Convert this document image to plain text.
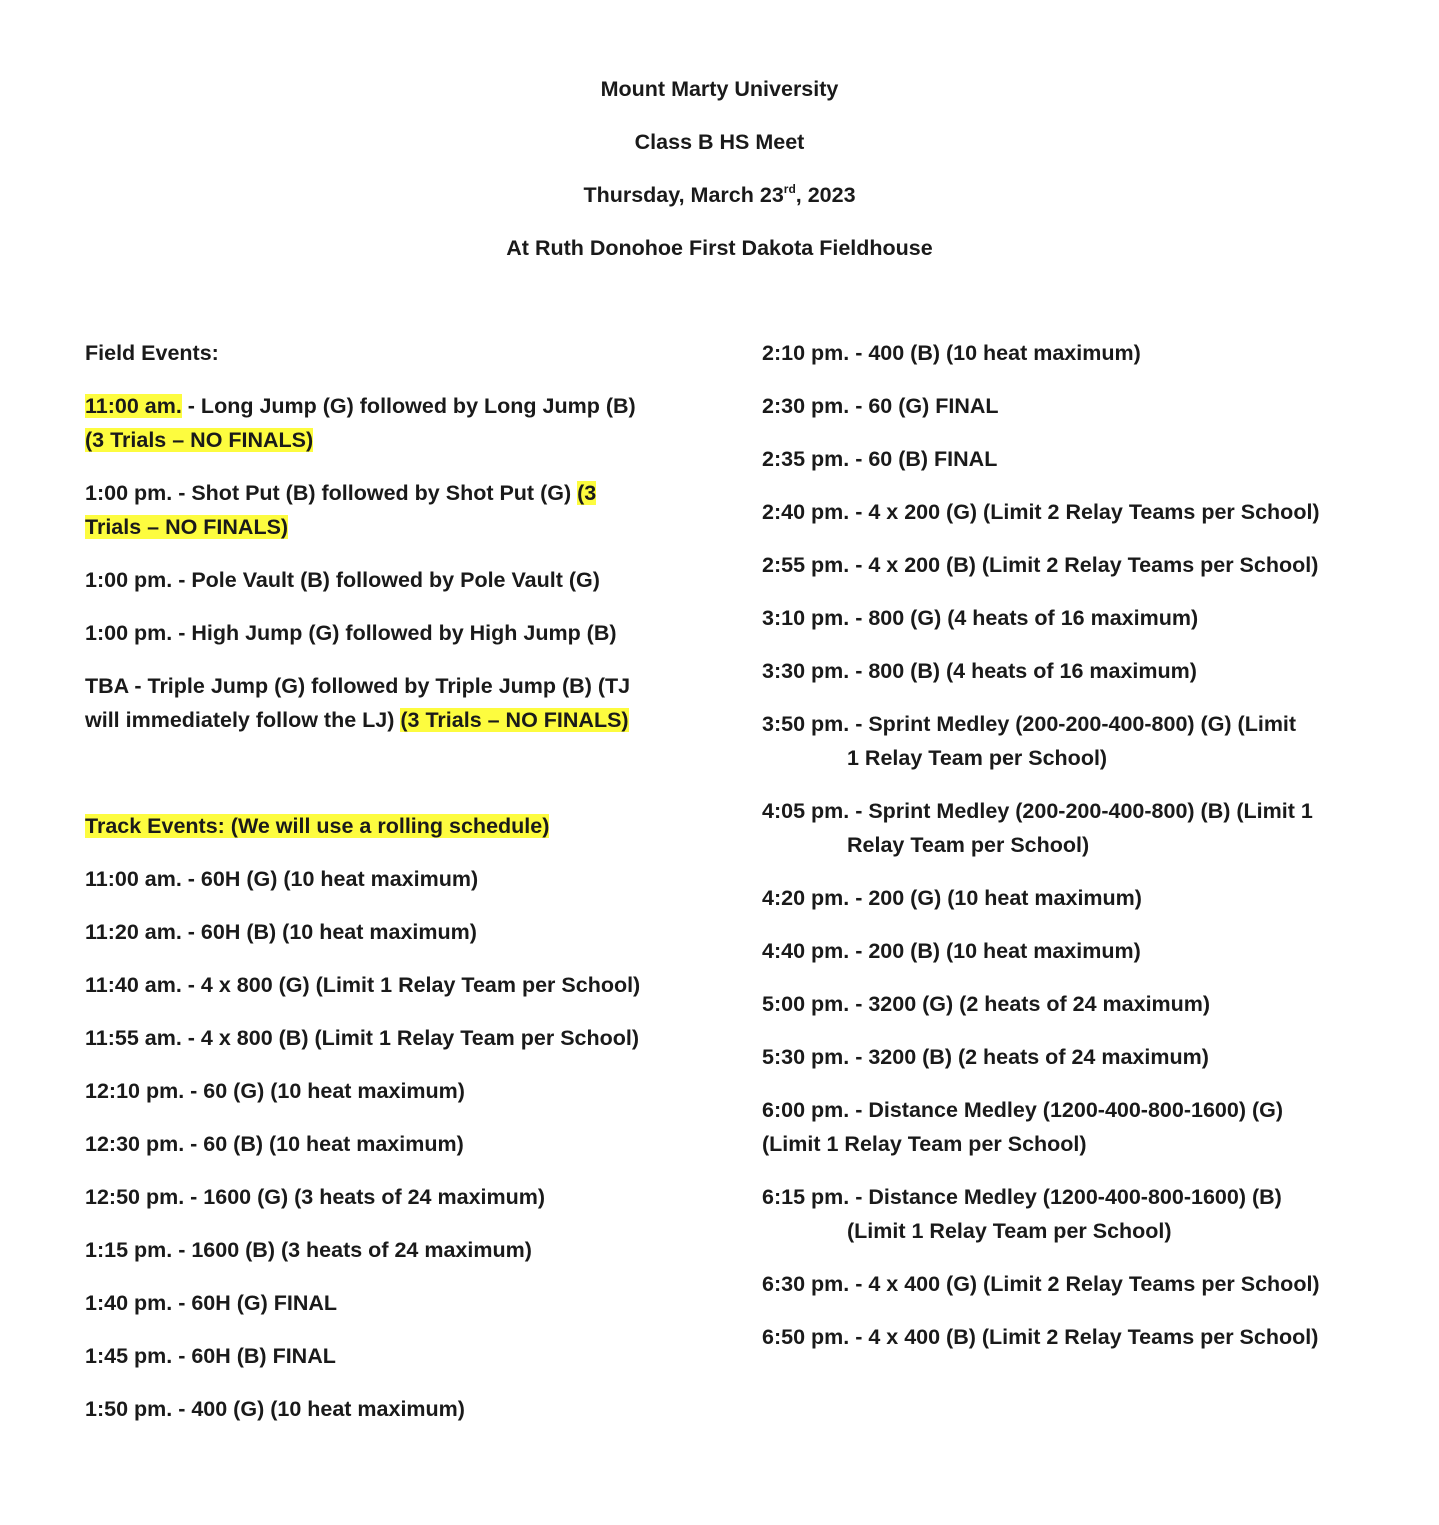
Mount Marty University
Class B HS Meet
Thursday, March 23rd, 2023
At Ruth Donohoe First Dakota Fieldhouse
Field Events:
11:00 am. - Long Jump (G) followed by Long Jump (B)
(3 Trials – NO FINALS)
1:00 pm. - Shot Put (B) followed by Shot Put (G) (3
Trials – NO FINALS)
1:00 pm. - Pole Vault (B) followed by Pole Vault (G)
1:00 pm. - High Jump (G) followed by High Jump (B)
TBA - Triple Jump (G) followed by Triple Jump (B) (TJ
will immediately follow the LJ) (3 Trials – NO FINALS)
Track Events: (We will use a rolling schedule)
11:00 am. - 60H (G) (10 heat maximum)
11:20 am. - 60H (B) (10 heat maximum)
11:40 am. - 4 x 800 (G) (Limit 1 Relay Team per School)
11:55 am. - 4 x 800 (B) (Limit 1 Relay Team per School)
12:10 pm. - 60 (G) (10 heat maximum)
12:30 pm. - 60 (B) (10 heat maximum)
12:50 pm. - 1600 (G) (3 heats of 24 maximum)
1:15 pm. - 1600 (B) (3 heats of 24 maximum)
1:40 pm. - 60H (G) FINAL
1:45 pm. - 60H (B) FINAL
1:50 pm. - 400 (G) (10 heat maximum)
2:10 pm. - 400 (B) (10 heat maximum)
2:30 pm. - 60 (G) FINAL
2:35 pm. - 60 (B) FINAL
2:40 pm. - 4 x 200 (G) (Limit 2 Relay Teams per School)
2:55 pm. - 4 x 200 (B) (Limit 2 Relay Teams per School)
3:10 pm. - 800 (G) (4 heats of 16 maximum)
3:30 pm. - 800 (B) (4 heats of 16 maximum)
3:50 pm. - Sprint Medley (200-200-400-800) (G) (Limit
1 Relay Team per School)
4:05 pm. - Sprint Medley (200-200-400-800) (B) (Limit 1
Relay Team per School)
4:20 pm. - 200 (G) (10 heat maximum)
4:40 pm. - 200 (B) (10 heat maximum)
5:00 pm. - 3200 (G) (2 heats of 24 maximum)
5:30 pm. - 3200 (B) (2 heats of 24 maximum)
6:00 pm. - Distance Medley (1200-400-800-1600) (G)
(Limit 1 Relay Team per School)
6:15 pm. - Distance Medley (1200-400-800-1600) (B)
(Limit 1 Relay Team per School)
6:30 pm. - 4 x 400 (G) (Limit 2 Relay Teams per School)
6:50 pm. - 4 x 400 (B) (Limit 2 Relay Teams per School)
